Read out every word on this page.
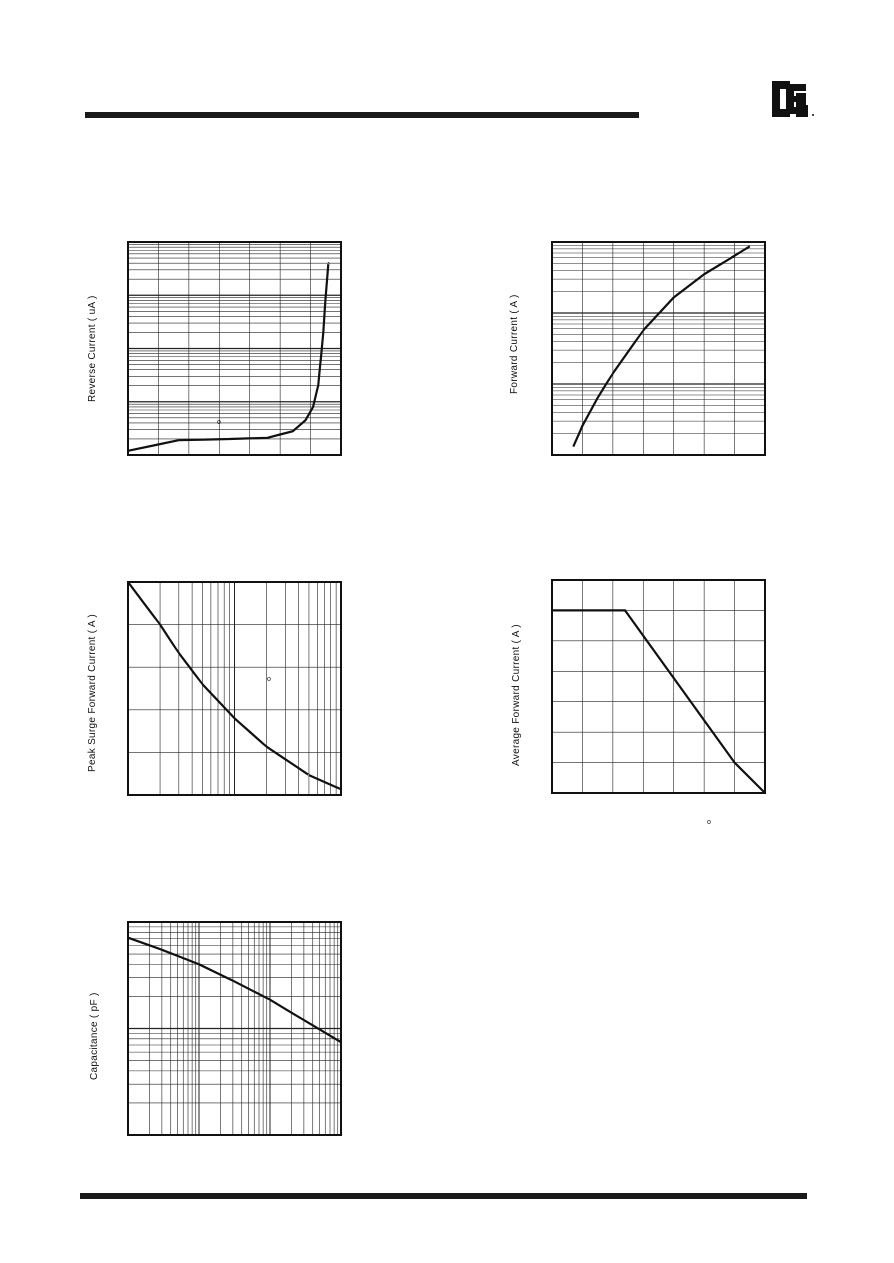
Reverse Current ( uA )
o
Forward Current ( A )
Peak Surge Forward Current ( A )	o	Average Forward Current ( A )
o
Capacitance ( pF )
